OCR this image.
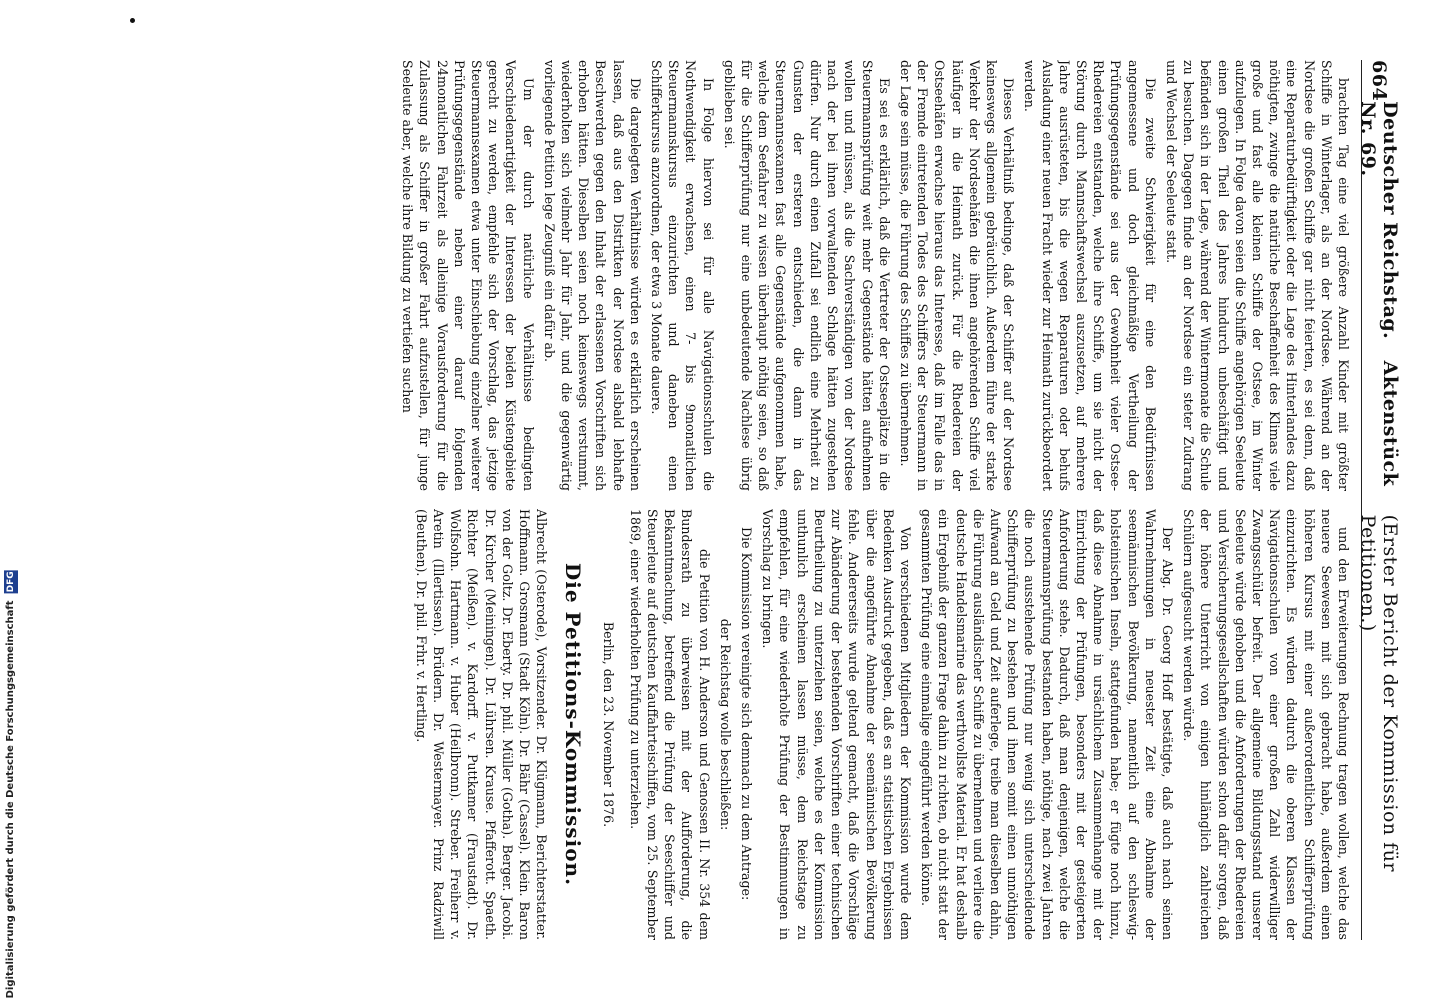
Digitalisierung gefördert durch die Deutsche Forschungsgemeinschaft DFG
664
Deutscher Reichstag.   Aktenstück Nr. 69.
(Erster Bericht der Kommission für Petitionen.)

brachten Tag eine viel größere Anzahl Kinder mit größter Schiffe in Winterlager, als an der Nordsee. Während an der Nordsee die großen Schiffe gar nicht feierten, es sei denn, daß eine Reparaturbedürftigkeit oder die Lage des Hinterlandes dazu nöthigten, zwinge die natürliche Beschaffenheit des Klimas viele große und fast alle kleinen Schiffe der Ostsee, im Winter aufzulegen. In Folge davon seien die Schiffe angehörigen Seeleute einen großen Theil des Jahres hindurch unbeschäftigt und befänden sich in der Lage, während der Wintermonate die Schule zu besuchen. Dagegen finde an der Nordsee ein steter Zudrang und Wechsel der Seeleute statt.

Die zweite Schwierigkeit für eine den Bedürfnissen angemessene und doch gleichmäßige Vertheilung der Prüfungsgegenstände sei aus der Gewohnheit vieler Ostsee-Rhedereien entstanden, welche ihre Schiffe, um sie nicht der Störung durch Mannschaftswechsel auszusetzen, auf mehrere Jahre ausrüsteten, bis die wegen Reparaturen oder behufs Ausladung einer neuen Fracht wieder zur Heimath zurückbeordert werden.

Dieses Verhältniß bedinge, daß der Schiffer auf der Nordsee keineswegs allgemein gebräuchlich. Außerdem führe der starke Verkehr der Nordseehäfen die ihnen angehörenden Schiffe viel häufiger in die Heimath zurück. Für die Rhedereien der Ostseehäfen erwachse hieraus das Interesse, daß im Falle das in der Fremde eintretenden Todes des Schiffers der Steuermann in der Lage sein müsse, die Führung des Schiffes zu übernehmen.

Es sei es erklärlich, daß die Vertreter der Ostseeplätze in die Steuermannsprüfung weit mehr Gegenstände hätten aufnehmen wollen und müssen, als die Sachverständigen von der Nordsee nach der bei ihnen vorwaltenden Schlage hätten zugestehen dürfen. Nur durch einen Zufall sei endlich eine Mehrheit zu Gunsten der ersteren entschieden, die dann in das Steuermannsexamen fast alle Gegenstände aufgenommen habe, welche dem Seefahrer zu wissen überhaupt nöthig seien, so daß für die Schifferprüfung nur eine unbedeutende Nachlese übrig geblieben sei.

In Folge hiervon sei für alle Navigationsschulen die Nothwendigkeit erwachsen, einen 7- bis 9monatlichen Steuermannskursus einzurichten und daneben einen Schifferkursus anzuordnen, der etwa 3 Monate dauere.

Die dargelegten Verhältnisse würden es erklärlich erscheinen lassen, daß aus den Distrikten der Nordsee alsbald lebhafte Beschwerden gegen den Inhalt der erlassenen Vorschriften sich erhoben hätten. Dieselben seien noch keineswegs verstummt, wiederholten sich vielmehr Jahr für Jahr, und die gegenwärtig vorliegende Petition lege Zeugniß ein dafür ab.

Um der durch natürliche Verhältnisse bedingten Verschiedenartigkeit der Interessen der beiden Küstengebiete gerecht zu werden, empfehle sich der Vorschlag, das jetzige Steuermannsexamen etwa unter Einschiebung einzelner weiterer Prüfungsgegenstände neben einer darauf folgenden 24monatlichen Fahrzeit als alleinige Vorausforderung für die Zulassung als Schiffer in großer Fahrt aufzustellen, für junge Seeleute aber, welche ihre Bildung zu vertiefen suchen

und den Erweiterungen Rechnung tragen wollen, welche das neuere Seewesen mit sich gebracht habe, außerdem einen höheren Kursus mit einer außerordentlichen Schifferprüfung einzurichten. Es würden dadurch die oberen Klassen der Navigationsschulen von einer großen Zahl widerwilliger Zwangsschüler befreit. Der allgemeine Bildungsstand unserer Seeleute würde gehoben und die Anforderungen der Rhedereien und Versicherungsgesellschaften würden schon dafür sorgen, daß der höhere Unterricht von einigen hinlänglich zahlreichen Schülern aufgesucht werden würde.

Der Abg. Dr. Georg Hoff bestätigte, daß auch nach seinen Wahrnehmungen in neuester Zeit eine Abnahme der seemännischen Bevölkerung, namentlich auf den schleswig-holsteinischen Inseln, stattgefunden habe; er fügte noch hinzu, daß diese Abnahme in ursächlichem Zusammenhange mit der Einrichtung der Prüfungen, besonders mit der gesteigerten Anforderung stehe. Dadurch, daß man denjenigen, welche die Steuermannsprüfung bestanden haben, nöthige, nach zwei Jahren die noch ausstehende Prüfung nur wenig sich unterscheidende Schifferprüfung zu bestehen und ihnen somit einen unnöthigen Aufwand an Geld und Zeit auferlege, treibe man dieselben dahin, die Führung ausländischer Schiffe zu übernehmen und verliere die deutsche Handelsmarine das werthvollste Material. Er hat deshalb ein Ergebniß der ganzen Frage dahin zu richten, ob nicht statt der gesammten Prüfung eine einmalige eingeführt werden könne.

Von verschiedenen Mitgliedern der Kommission wurde dem Bedenken Ausdruck gegeben, daß es an statistischen Ergebnissen über die angeführte Abnahme der seemännischen Bevölkerung fehle. Andererseits wurde geltend gemacht, daß die Vorschläge zur Abänderung der bestehenden Vorschriften einer technischen Beurtheilung zu unterziehen seien, welche es der Kommission unthunlich erscheinen lassen müsse, dem Reichstage zu empfehlen, für eine wiederholte Prüfung der Bestimmungen in Vorschlag zu bringen.

Die Kommission vereinigte sich demnach zu dem Antrage:

der Reichstag wolle beschließen:

die Petition von H. Anderson und Genossen II. Nr. 354 dem Bundesrath zu überweisen mit der Aufforderung, die Bekanntmachung, betreffend die Prüfung der Seeschiffer und Steuerleute auf deutschen Kauffahrteischiffen, vom 25. September 1869, einer wiederholten Prüfung zu unterziehen.

Berlin, den 23. November 1876.

Die Petitions-Kommission.

Albrecht (Osterode), Vorsitzender. Dr. Klügmann, Berichterstatter. Hoffmann. Grosmann (Stadt Köln). Dr. Bähr (Cassel). Klein. Baron von der Goltz. Dr. Eberty. Dr. phil. Müller (Gotha). Berger. Jacobi. Dr. Kircher (Meiningen). Dr. Lührsen. Krause. Pfafferott. Spaeth. Richter (Meißen). v. Kardorff. v. Puttkamer (Fraustadt). Dr. Wolfsohn. Hartmann. v. Huber (Heilbronn). Streber. Freiherr v. Aretin (Illertissen). Brüdern. Dr. Westermayer. Prinz Radziwill (Beuthen). Dr. phil. Frhr. v. Hertling.
